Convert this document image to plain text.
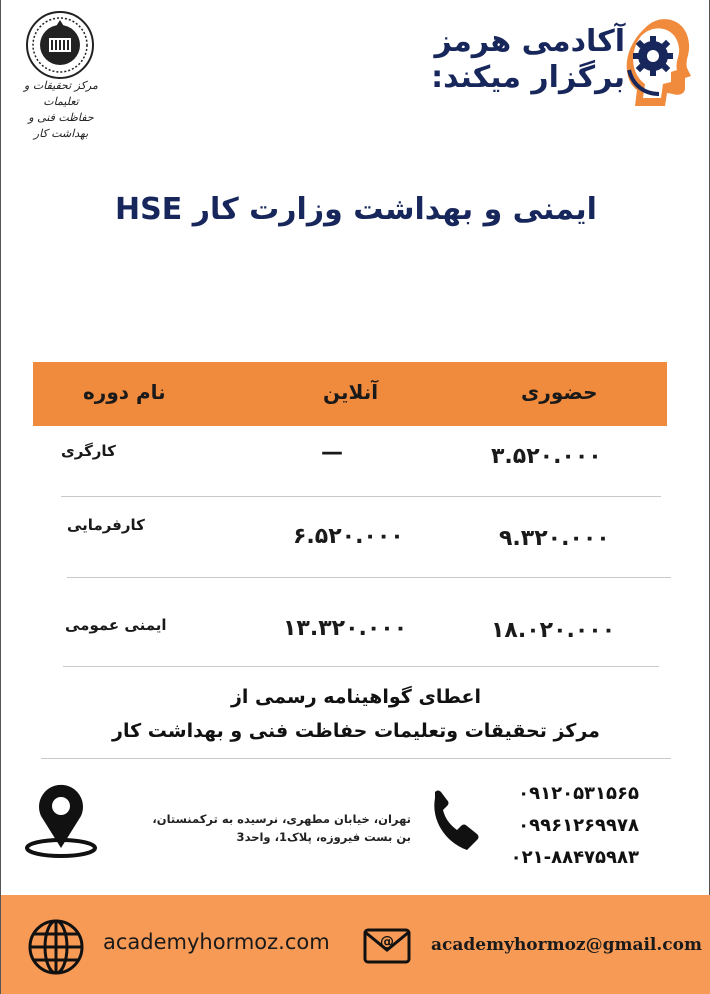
آکادمی هرمز
برگزار میکند:
مرکز تحقیقات و تعلیمات
حفاظت فنی و بهداشت کار
ایمنی و بهداشت وزارت کار HSE
نام دوره	آنلاین	حضوری
کارگری	—	۳.۵۲۰.۰۰۰
کارفرمایی	۶.۵۲۰.۰۰۰	۹.۳۲۰.۰۰۰
ایمنی عمومی	۱۳.۳۲۰.۰۰۰	۱۸.۰۲۰.۰۰۰
اعطای گواهینامه رسمی از
مرکز تحقیقات وتعلیمات حفاظت فنی و بهداشت کار
تهران، خیابان مطهری، نرسیده به ترکمنستان،
بن بست فیروزه، پلاک1، واحد3
۰۹۱۲۰۵۳۱۵۶۵
۰۹۹۶۱۲۶۹۹۷۸
۰۲۱-۸۸۴۷۵۹۸۳
academyhormoz.com	@ academyhormoz@gmail.com
